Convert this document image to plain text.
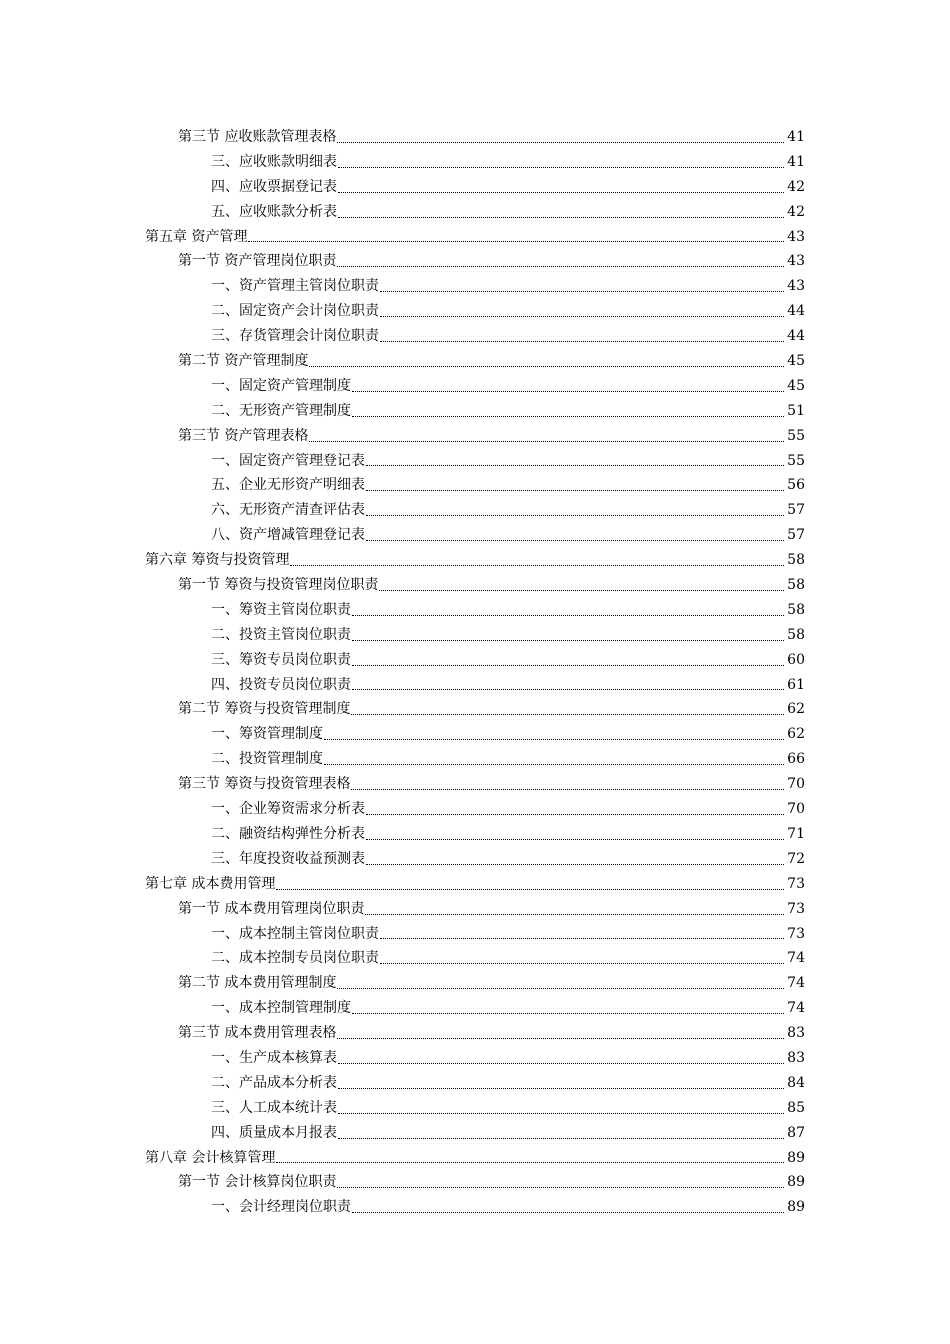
第三节 应收账款管理表格	41
三、应收账款明细表	41
四、应收票据登记表	42
五、应收账款分析表	42
第五章 资产管理	43
第一节 资产管理岗位职责	43
一、资产管理主管岗位职责	43
二、固定资产会计岗位职责	44
三、存货管理会计岗位职责	44
第二节 资产管理制度	45
一、固定资产管理制度	45
二、无形资产管理制度	51
第三节 资产管理表格	55
一、固定资产管理登记表	55
五、企业无形资产明细表	56
六、无形资产清查评估表	57
八、资产增减管理登记表	57
第六章 筹资与投资管理	58
第一节 筹资与投资管理岗位职责	58
一、筹资主管岗位职责	58
二、投资主管岗位职责	58
三、筹资专员岗位职责	60
四、投资专员岗位职责	61
第二节 筹资与投资管理制度	62
一、筹资管理制度	62
二、投资管理制度	66
第三节 筹资与投资管理表格	70
一、企业筹资需求分析表	70
二、融资结构弹性分析表	71
三、年度投资收益预测表	72
第七章 成本费用管理	73
第一节 成本费用管理岗位职责	73
一、成本控制主管岗位职责	73
二、成本控制专员岗位职责	74
第二节 成本费用管理制度	74
一、成本控制管理制度	74
第三节 成本费用管理表格	83
一、生产成本核算表	83
二、产品成本分析表	84
三、人工成本统计表	85
四、质量成本月报表	87
第八章 会计核算管理	89
第一节 会计核算岗位职责	89
一、会计经理岗位职责	89
